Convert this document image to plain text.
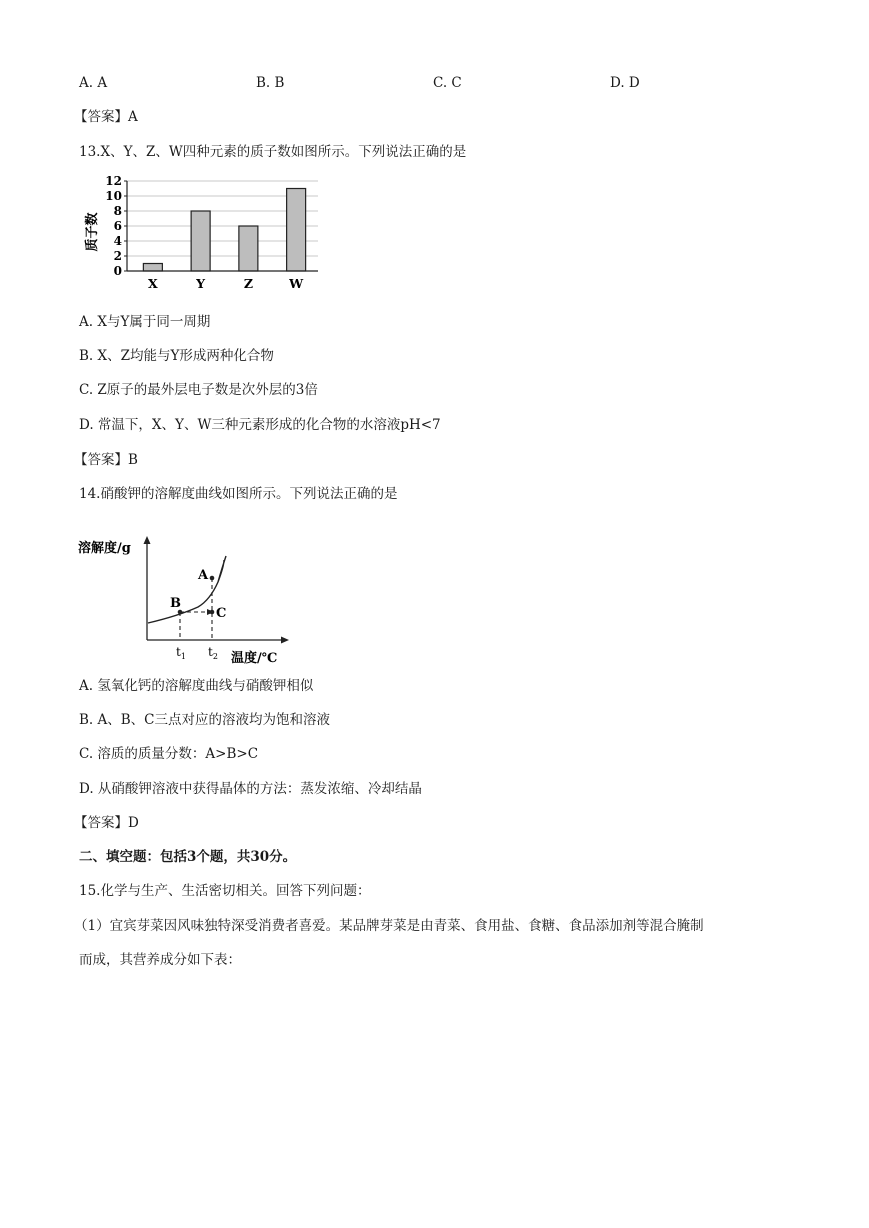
A. A	B. B	C. C	D. D
【答案】A
13.X、Y、Z、W四种元素的质子数如图所示。下列说法正确的是
质子数
0
2
4
6
8
10
12
X	Y	Z	W
A. X与Y属于同一周期
B. X、Z均能与Y形成两种化合物
C. Z原子的最外层电子数是次外层的3倍
D. 常温下，X、Y、W三种元素形成的化合物的水溶液pH<7
【答案】B
14.硝酸钾的溶解度曲线如图所示。下列说法正确的是
溶解度/g
A
B
C
$t_1$ $t_2$ 温度/℃
A. 氢氧化钙的溶解度曲线与硝酸钾相似
B. A、B、C三点对应的溶液均为饱和溶液
C. 溶质的质量分数：A>B>C
D. 从硝酸钾溶液中获得晶体的方法：蒸发浓缩、冷却结晶
【答案】D
二、填空题：包括3个题，共30分。
15.化学与生产、生活密切相关。回答下列问题：
（1）宜宾芽菜因风味独特深受消费者喜爱。某品牌芽菜是由青菜、食用盐、食糖、食品添加剂等混合腌制
而成，其营养成分如下表：
